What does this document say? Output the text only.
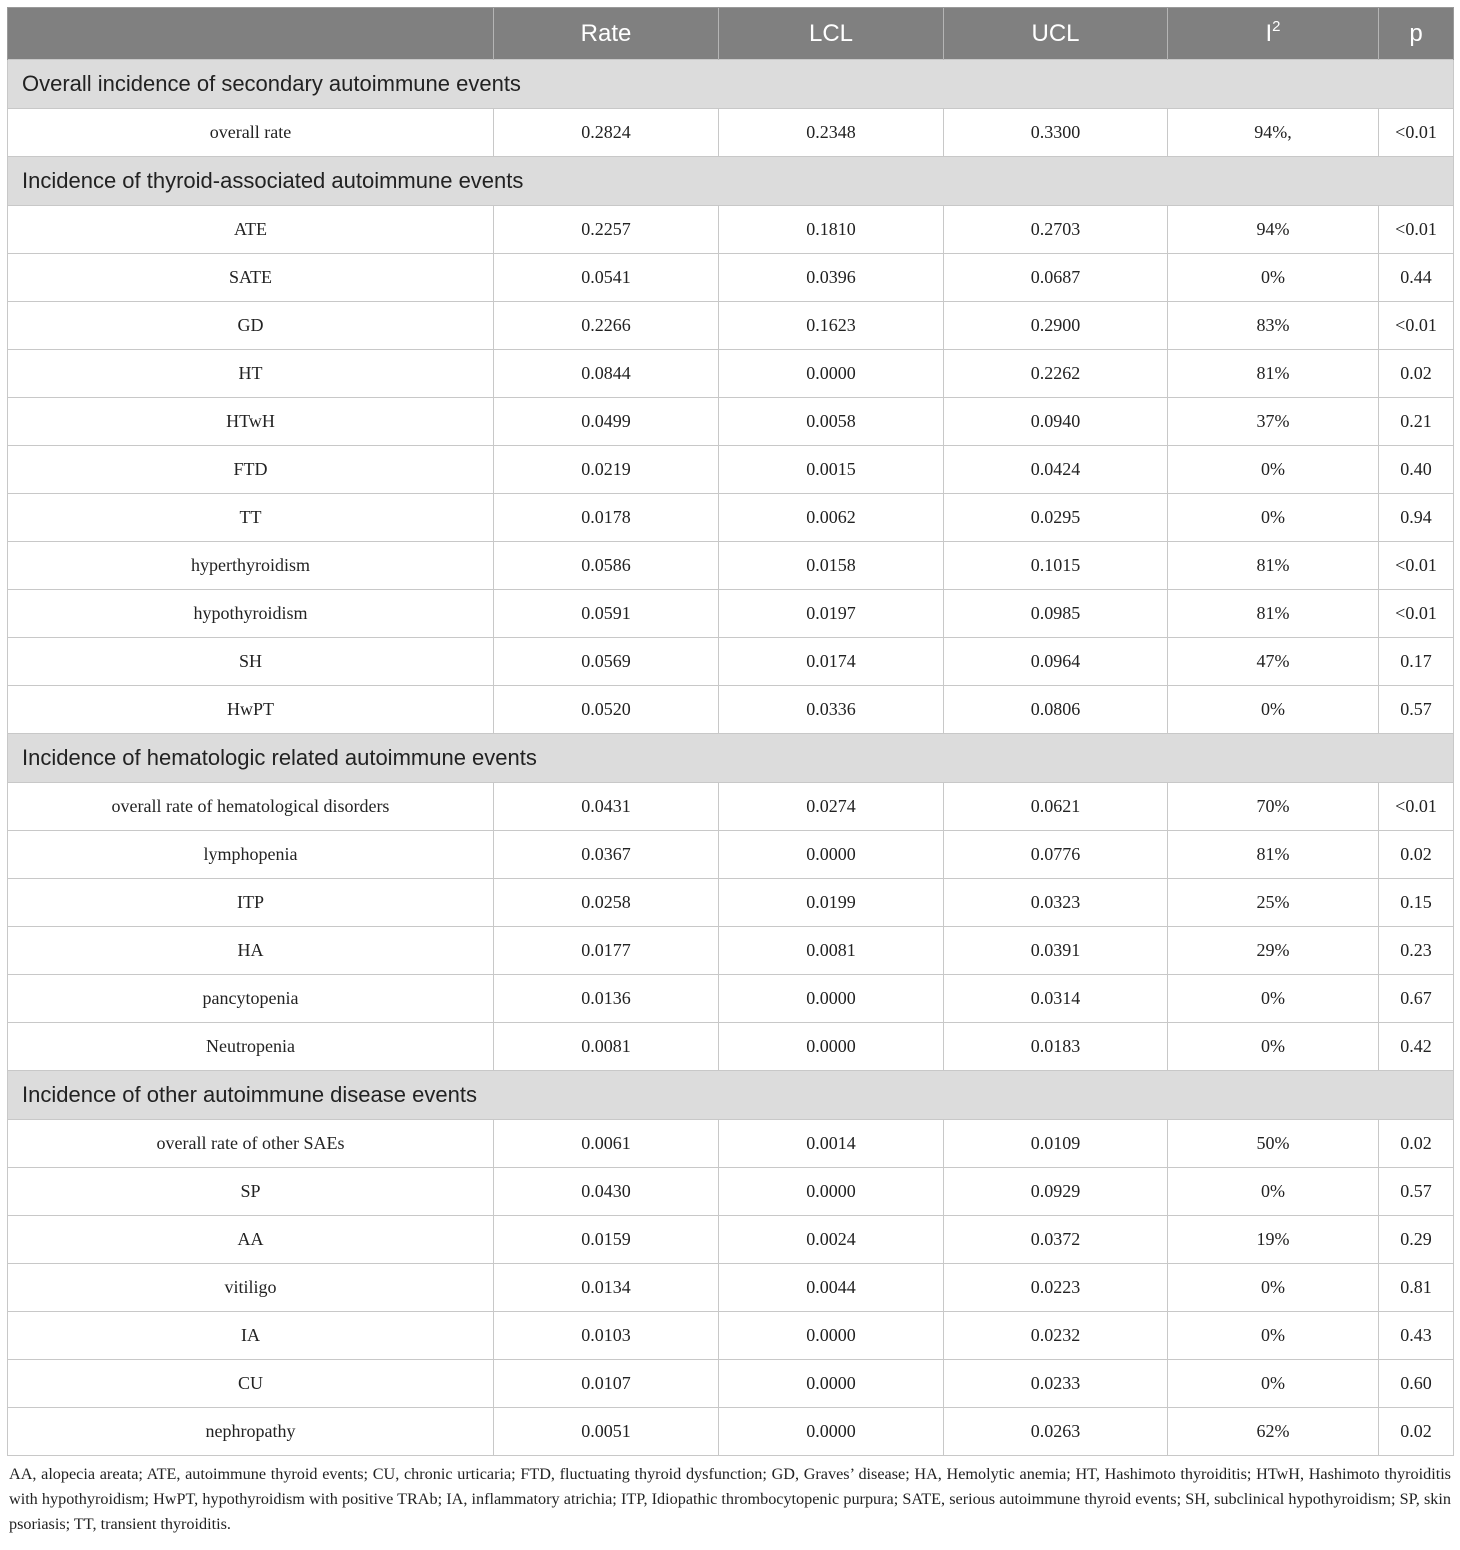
	Rate	LCL	UCL	$I^2$	p
Overall incidence of secondary autoimmune events					
overall rate	0.2824	0.2348	0.3300	94%,	<0.01
Incidence of thyroid-associated autoimmune events					
ATE	0.2257	0.1810	0.2703	94%	<0.01
SATE	0.0541	0.0396	0.0687	0%	0.44
GD	0.2266	0.1623	0.2900	83%	<0.01
HT	0.0844	0.0000	0.2262	81%	0.02
HTwH	0.0499	0.0058	0.0940	37%	0.21
FTD	0.0219	0.0015	0.0424	0%	0.40
TT	0.0178	0.0062	0.0295	0%	0.94
hyperthyroidism	0.0586	0.0158	0.1015	81%	<0.01
hypothyroidism	0.0591	0.0197	0.0985	81%	<0.01
SH	0.0569	0.0174	0.0964	47%	0.17
HwPT	0.0520	0.0336	0.0806	0%	0.57
Incidence of hematologic related autoimmune events					
overall rate of hematological disorders	0.0431	0.0274	0.0621	70%	<0.01
lymphopenia	0.0367	0.0000	0.0776	81%	0.02
ITP	0.0258	0.0199	0.0323	25%	0.15
HA	0.0177	0.0081	0.0391	29%	0.23
pancytopenia	0.0136	0.0000	0.0314	0%	0.67
Neutropenia	0.0081	0.0000	0.0183	0%	0.42
Incidence of other autoimmune disease events					
overall rate of other SAEs	0.0061	0.0014	0.0109	50%	0.02
SP	0.0430	0.0000	0.0929	0%	0.57
AA	0.0159	0.0024	0.0372	19%	0.29
vitiligo	0.0134	0.0044	0.0223	0%	0.81
IA	0.0103	0.0000	0.0232	0%	0.43
CU	0.0107	0.0000	0.0233	0%	0.60
nephropathy	0.0051	0.0000	0.0263	62%	0.02
AA, alopecia areata; ATE, autoimmune thyroid events; CU, chronic urticaria; FTD, fluctuating thyroid dysfunction; GD, Graves’ disease; HA, Hemolytic anemia; HT, Hashimoto thyroiditis; HTwH, Hashimoto thyroiditis with hypothyroidism; HwPT, hypothyroidism with positive TRAb; IA, inflammatory atrichia; ITP, Idiopathic thrombocytopenic purpura; SATE, serious autoimmune thyroid events; SH, subclinical hypothyroidism; SP, skin psoriasis; TT, transient thyroiditis.
